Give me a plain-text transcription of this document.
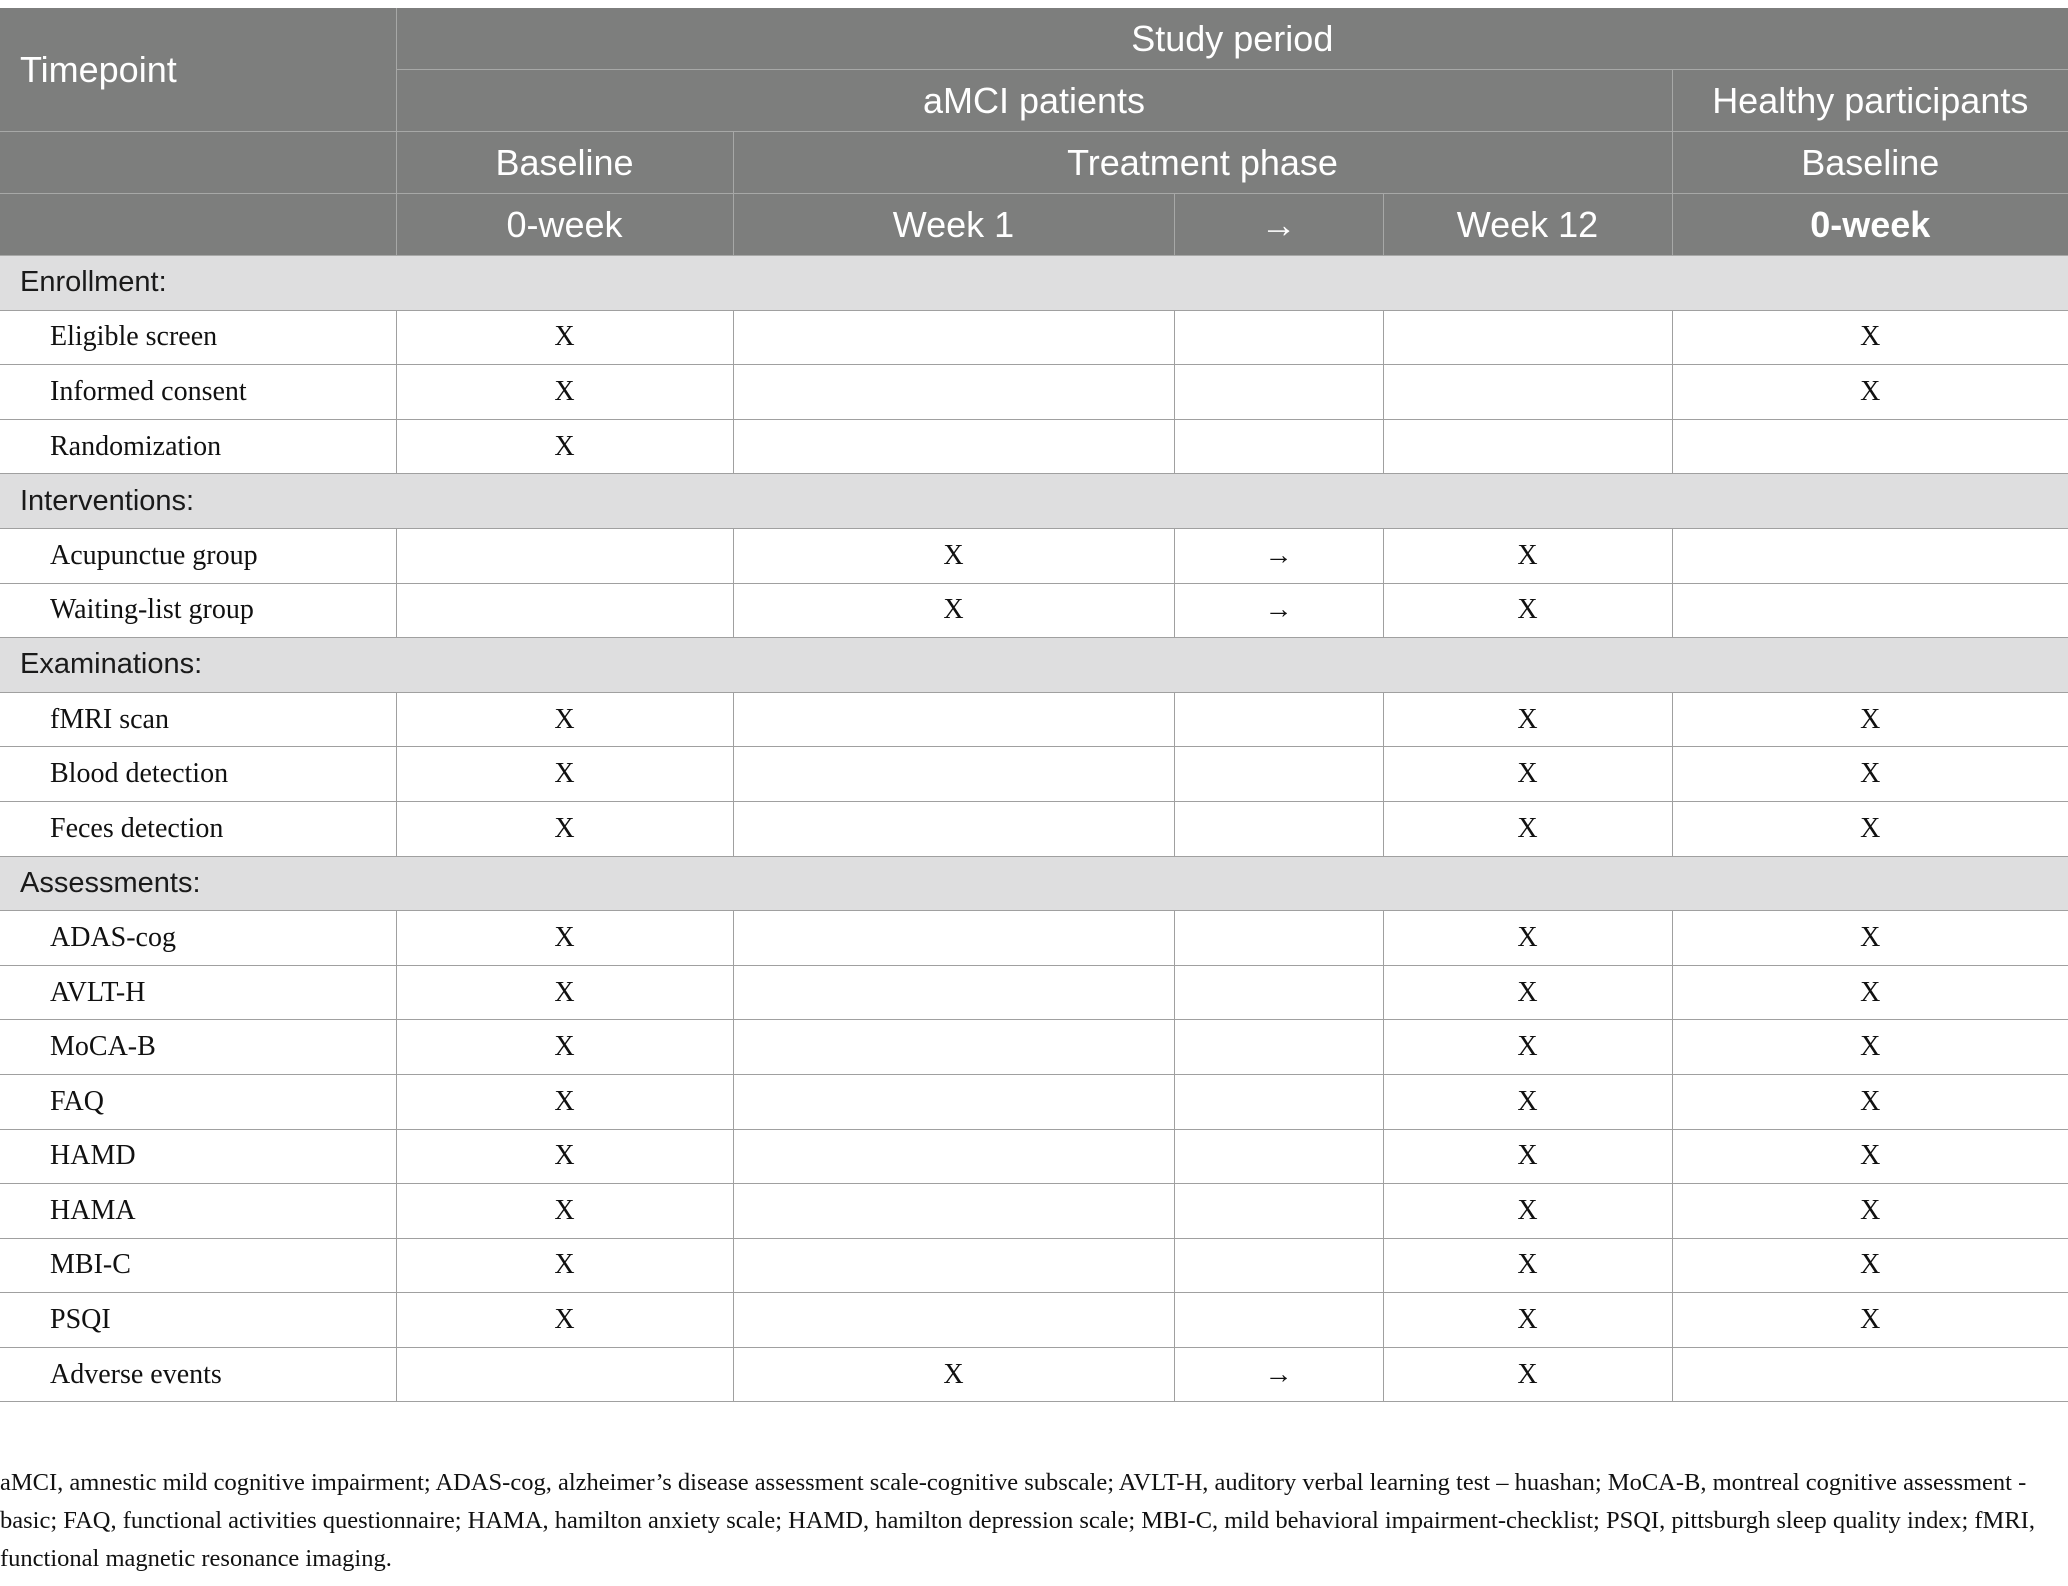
Timepoint	Study period				
	aMCI patients				Healthy participants
	Baseline	Treatment phase			Baseline
	0-week	Week 1	→	Week 12	0-week
Enrollment:					
Eligible screen	X				X
Informed consent	X				X
Randomization	X				
Interventions:					
Acupunctue group		X	→	X	
Waiting-list group		X	→	X	
Examinations:					
fMRI scan	X			X	X
Blood detection	X			X	X
Feces detection	X			X	X
Assessments:					
ADAS-cog	X			X	X
AVLT-H	X			X	X
MoCA-B	X			X	X
FAQ	X			X	X
HAMD	X			X	X
HAMA	X			X	X
MBI-C	X			X	X
PSQI	X			X	X
Adverse events		X	→	X	
aMCI, amnestic mild cognitive impairment; ADAS-cog, alzheimer’s disease assessment scale-cognitive subscale; AVLT-H, auditory verbal learning test – huashan; MoCA-B, montreal cognitive assessment - basic; FAQ, functional activities questionnaire; HAMA, hamilton anxiety scale; HAMD, hamilton depression scale; MBI-C, mild behavioral impairment-checklist; PSQI, pittsburgh sleep quality index; fMRI, functional magnetic resonance imaging.
